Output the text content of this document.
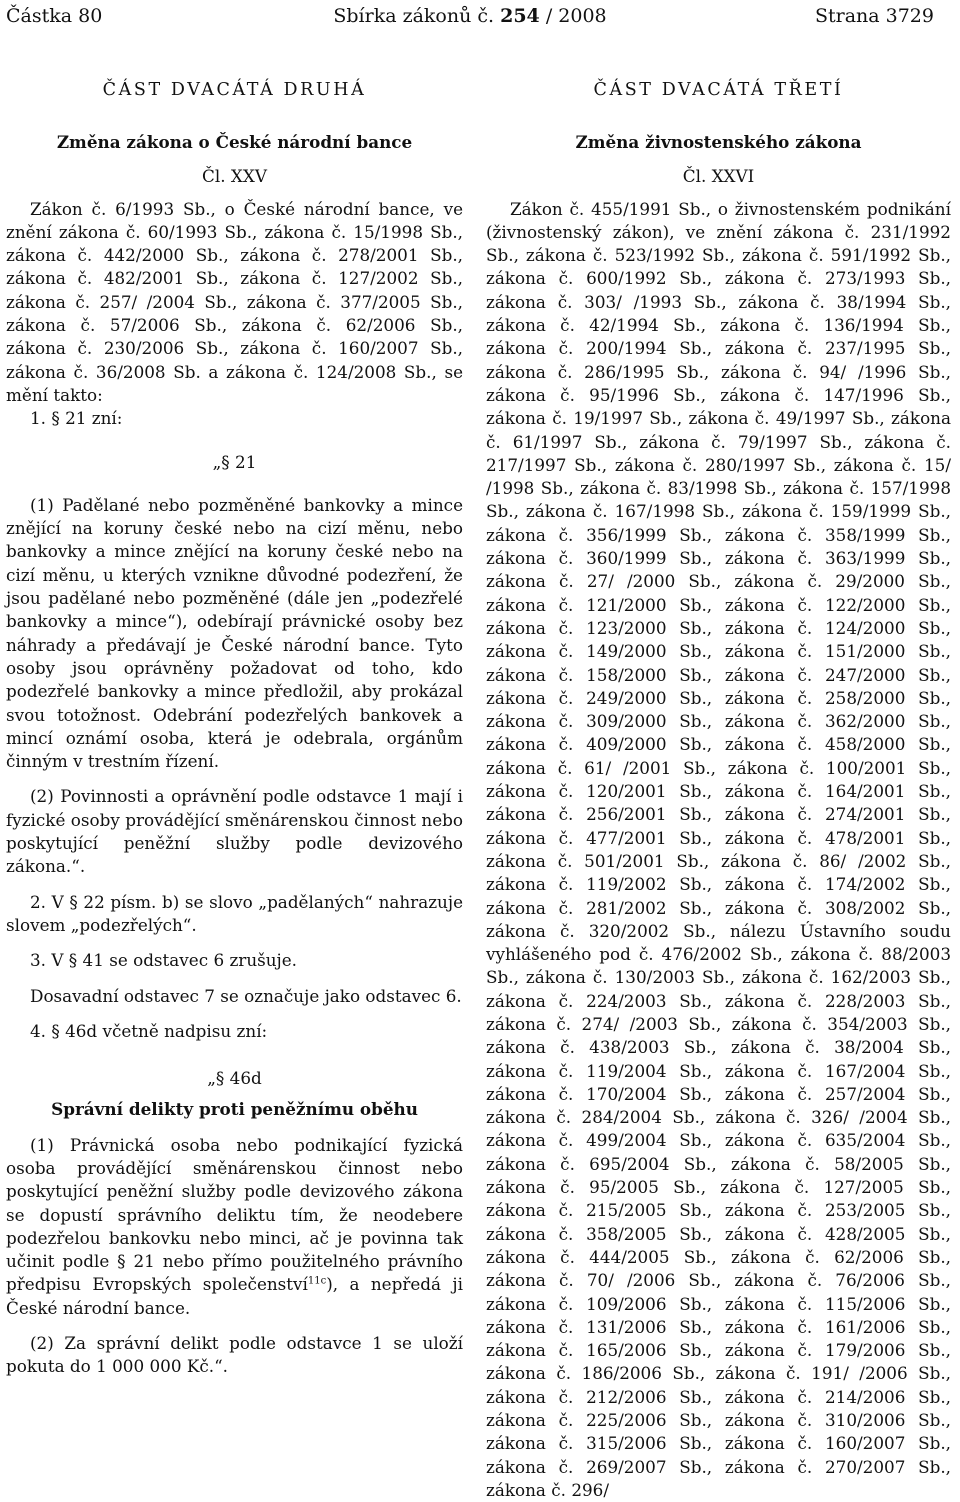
Částka 80	Sbírka zákonů č. 254 / 2008	Strana 3729
ČÁST DVACÁTÁ DRUHÁ
Změna zákona o České národní bance
Čl. XXV

Zákon č. 6/1993 Sb., o České národní bance, ve znění zákona č. 60/1993 Sb., zákona č. 15/1998 Sb., zákona č. 442/2000 Sb., zákona č. 278/2001 Sb., zákona č. 482/2001 Sb., zákona č. 127/2002 Sb., zákona č. 257/ /2004 Sb., zákona č. 377/2005 Sb., zákona č. 57/2006 Sb., zákona č. 62/2006 Sb., zákona č. 230/2006 Sb., zákona č. 160/2007 Sb., zákona č. 36/2008 Sb. a zákona č. 124/2008 Sb., se mění takto:

1. § 21 zní:

„§ 21

(1) Padělané nebo pozměněné bankovky a mince znějící na koruny české nebo na cizí měnu, nebo bankovky a mince znějící na koruny české nebo na cizí měnu, u kterých vznikne důvodné podezření, že jsou padělané nebo pozměněné (dále jen „podezřelé bankovky a mince“), odebírají právnické osoby bez náhrady a předávají je České národní bance. Tyto osoby jsou oprávněny požadovat od toho, kdo podezřelé bankovky a mince předložil, aby prokázal svou totožnost. Odebrání podezřelých bankovek a mincí oznámí osoba, která je odebrala, orgánům činným v trestním řízení.

(2) Povinnosti a oprávnění podle odstavce 1 mají i fyzické osoby provádějící směnárenskou činnost nebo poskytující peněžní služby podle devizového zákona.“.

2. V § 22 písm. b) se slovo „padělaných“ nahrazuje slovem „podezřelých“.

3. V § 41 se odstavec 6 zrušuje.

Dosavadní odstavec 7 se označuje jako odstavec 6.

4. § 46d včetně nadpisu zní:

„§ 46d

Správní delikty proti peněžnímu oběhu

(1) Právnická osoba nebo podnikající fyzická osoba provádějící směnárenskou činnost nebo poskytující peněžní služby podle devizového zákona se dopustí správního deliktu tím, že neodebere podezřelou bankovku nebo minci, ač je povinna tak učinit podle § 21 nebo přímo použitelného právního předpisu Evropských společenství$^{11c}$), a nepředá ji České národní bance.

(2) Za správní delikt podle odstavce 1 se uloží pokuta do 1 000 000 Kč.“.

ČÁST DVACÁTÁ TŘETÍ
Změna živnostenského zákona
Čl. XXVI

Zákon č. 455/1991 Sb., o živnostenském podnikání (živnostenský zákon), ve znění zákona č. 231/1992 Sb., zákona č. 523/1992 Sb., zákona č. 591/1992 Sb., zákona č. 600/1992 Sb., zákona č. 273/1993 Sb., zákona č. 303/ /1993 Sb., zákona č. 38/1994 Sb., zákona č. 42/1994 Sb., zákona č. 136/1994 Sb., zákona č. 200/1994 Sb., zákona č. 237/1995 Sb., zákona č. 286/1995 Sb., zákona č. 94/ /1996 Sb., zákona č. 95/1996 Sb., zákona č. 147/1996 Sb., zákona č. 19/1997 Sb., zákona č. 49/1997 Sb., zákona č. 61/1997 Sb., zákona č. 79/1997 Sb., zákona č. 217/1997 Sb., zákona č. 280/1997 Sb., zákona č. 15/ /1998 Sb., zákona č. 83/1998 Sb., zákona č. 157/1998 Sb., zákona č. 167/1998 Sb., zákona č. 159/1999 Sb., zákona č. 356/1999 Sb., zákona č. 358/1999 Sb., zákona č. 360/1999 Sb., zákona č. 363/1999 Sb., zákona č. 27/ /2000 Sb., zákona č. 29/2000 Sb., zákona č. 121/2000 Sb., zákona č. 122/2000 Sb., zákona č. 123/2000 Sb., zákona č. 124/2000 Sb., zákona č. 149/2000 Sb., zákona č. 151/2000 Sb., zákona č. 158/2000 Sb., zákona č. 247/2000 Sb., zákona č. 249/2000 Sb., zákona č. 258/2000 Sb., zákona č. 309/2000 Sb., zákona č. 362/2000 Sb., zákona č. 409/2000 Sb., zákona č. 458/2000 Sb., zákona č. 61/ /2001 Sb., zákona č. 100/2001 Sb., zákona č. 120/2001 Sb., zákona č. 164/2001 Sb., zákona č. 256/2001 Sb., zákona č. 274/2001 Sb., zákona č. 477/2001 Sb., zákona č. 478/2001 Sb., zákona č. 501/2001 Sb., zákona č. 86/ /2002 Sb., zákona č. 119/2002 Sb., zákona č. 174/2002 Sb., zákona č. 281/2002 Sb., zákona č. 308/2002 Sb., zákona č. 320/2002 Sb., nálezu Ústavního soudu vyhlášeného pod č. 476/2002 Sb., zákona č. 88/2003 Sb., zákona č. 130/2003 Sb., zákona č. 162/2003 Sb., zákona č. 224/2003 Sb., zákona č. 228/2003 Sb., zákona č. 274/ /2003 Sb., zákona č. 354/2003 Sb., zákona č. 438/2003 Sb., zákona č. 38/2004 Sb., zákona č. 119/2004 Sb., zákona č. 167/2004 Sb., zákona č. 170/2004 Sb., zákona č. 257/2004 Sb., zákona č. 284/2004 Sb., zákona č. 326/ /2004 Sb., zákona č. 499/2004 Sb., zákona č. 635/2004 Sb., zákona č. 695/2004 Sb., zákona č. 58/2005 Sb., zákona č. 95/2005 Sb., zákona č. 127/2005 Sb., zákona č. 215/2005 Sb., zákona č. 253/2005 Sb., zákona č. 358/2005 Sb., zákona č. 428/2005 Sb., zákona č. 444/2005 Sb., zákona č. 62/2006 Sb., zákona č. 70/ /2006 Sb., zákona č. 76/2006 Sb., zákona č. 109/2006 Sb., zákona č. 115/2006 Sb., zákona č. 131/2006 Sb., zákona č. 161/2006 Sb., zákona č. 165/2006 Sb., zákona č. 179/2006 Sb., zákona č. 186/2006 Sb., zákona č. 191/ /2006 Sb., zákona č. 212/2006 Sb., zákona č. 214/2006 Sb., zákona č. 225/2006 Sb., zákona č. 310/2006 Sb., zákona č. 315/2006 Sb., zákona č. 160/2007 Sb., zákona č. 269/2007 Sb., zákona č. 270/2007 Sb., zákona č. 296/
